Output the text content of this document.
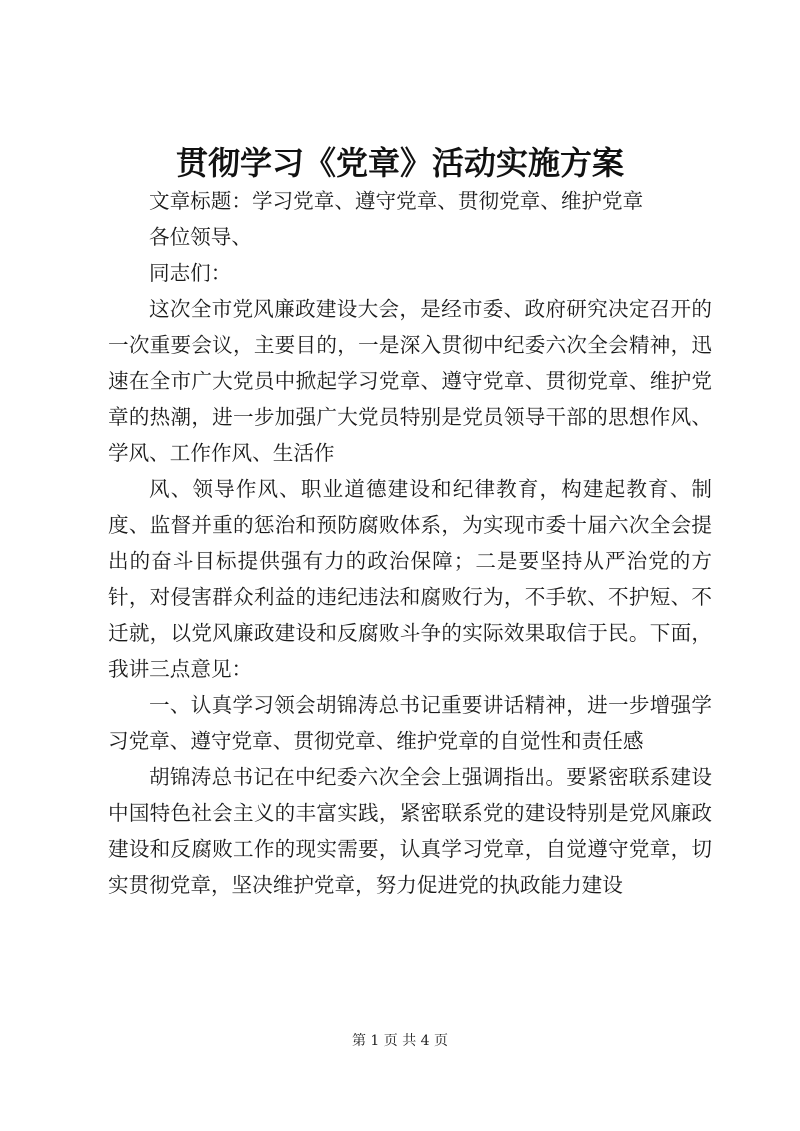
贯彻学习《党章》活动实施方案

文章标题：学习党章、遵守党章、贯彻党章、维护党章

各位领导、

同志们：

这次全市党风廉政建设大会，是经市委、政府研究决定召开的一次重要会议，主要目的，一是深入贯彻中纪委六次全会精神，迅速在全市广大党员中掀起学习党章、遵守党章、贯彻党章、维护党章的热潮，进一步加强广大党员特别是党员领导干部的思想作风、学风、工作作风、生活作

风、领导作风、职业道德建设和纪律教育，构建起教育、制度、监督并重的惩治和预防腐败体系，为实现市委十届六次全会提出的奋斗目标提供强有力的政治保障；二是要坚持从严治党的方针，对侵害群众利益的违纪违法和腐败行为，不手软、不护短、不迁就，以党风廉政建设和反腐败斗争的实际效果取信于民。下面，我讲三点意见：

一、认真学习领会胡锦涛总书记重要讲话精神，进一步增强学习党章、遵守党章、贯彻党章、维护党章的自觉性和责任感

胡锦涛总书记在中纪委六次全会上强调指出。要紧密联系建设中国特色社会主义的丰富实践，紧密联系党的建设特别是党风廉政建设和反腐败工作的现实需要，认真学习党章，自觉遵守党章，切实贯彻党章，坚决维护党章，努力促进党的执政能力建设

第 1 页 共 4 页
